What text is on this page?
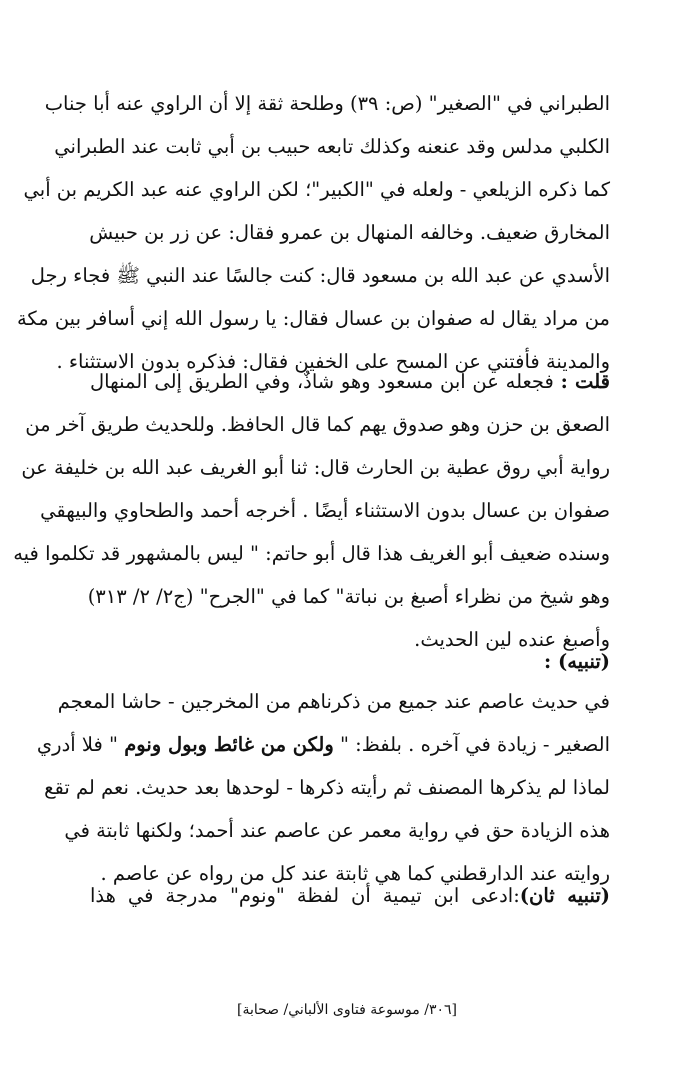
الطبراني في "الصغير" (ص: ٣٩) وطلحة ثقة إلا أن الراوي عنه أبا جناب
الكلبي مدلس وقد عنعنه وكذلك تابعه حبيب بن أبي ثابت عند الطبراني
كما ذكره الزيلعي - ولعله في "الكبير"؛ لكن الراوي عنه عبد الكريم بن أبي
المخارق ضعيف. وخالفه المنهال بن عمرو فقال: عن زر بن حبيش
الأسدي عن عبد الله بن مسعود قال: كنت جالسًا عند النبي ﷺ فجاء رجل
من مراد يقال له صفوان بن عسال فقال: يا رسول الله إني أسافر بين مكة
والمدينة فأفتني عن المسح على الخفين فقال: فذكره بدون الاستثناء .
قلت : فجعله عن ابن مسعود وهو شاذٌ، وفي الطريق إلى المنهال
الصعق بن حزن وهو صدوق يهم كما قال الحافظ. وللحديث طريق آخر من
رواية أبي روق عطية بن الحارث قال: ثنا أبو الغريف عبد الله بن خليفة عن
صفوان بن عسال بدون الاستثناء أيضًا . أخرجه أحمد والطحاوي والبيهقي
وسنده ضعيف أبو الغريف هذا قال أبو حاتم: " ليس بالمشهور قد تكلموا فيه
وهو شيخ من نظراء أصبغ بن نباتة" كما في "الجرح" (ج٢/ ٢/ ٣١٣)
وأصبغ عنده لين الحديث.
(تنبيه) :
في حديث عاصم عند جميع من ذكرناهم من المخرجين - حاشا المعجم
الصغير - زيادة في آخره . بلفظ: " ولكن من غائط وبول ونوم " فلا أدري
لماذا لم يذكرها المصنف ثم رأيته ذكرها - لوحدها بعد حديث. نعم لم تقع
هذه الزيادة حق في رواية معمر عن عاصم عند أحمد؛ ولكنها ثابتة في
روايته عند الدارقطني كما هي ثابتة عند كل من رواه عن عاصم .
(تنبيه ثان):ادعى ابن تيمية أن لفظة "ونوم" مدرجة في هذا
[٣٠٦/ موسوعة فتاوى الألباني/ صحابة]
